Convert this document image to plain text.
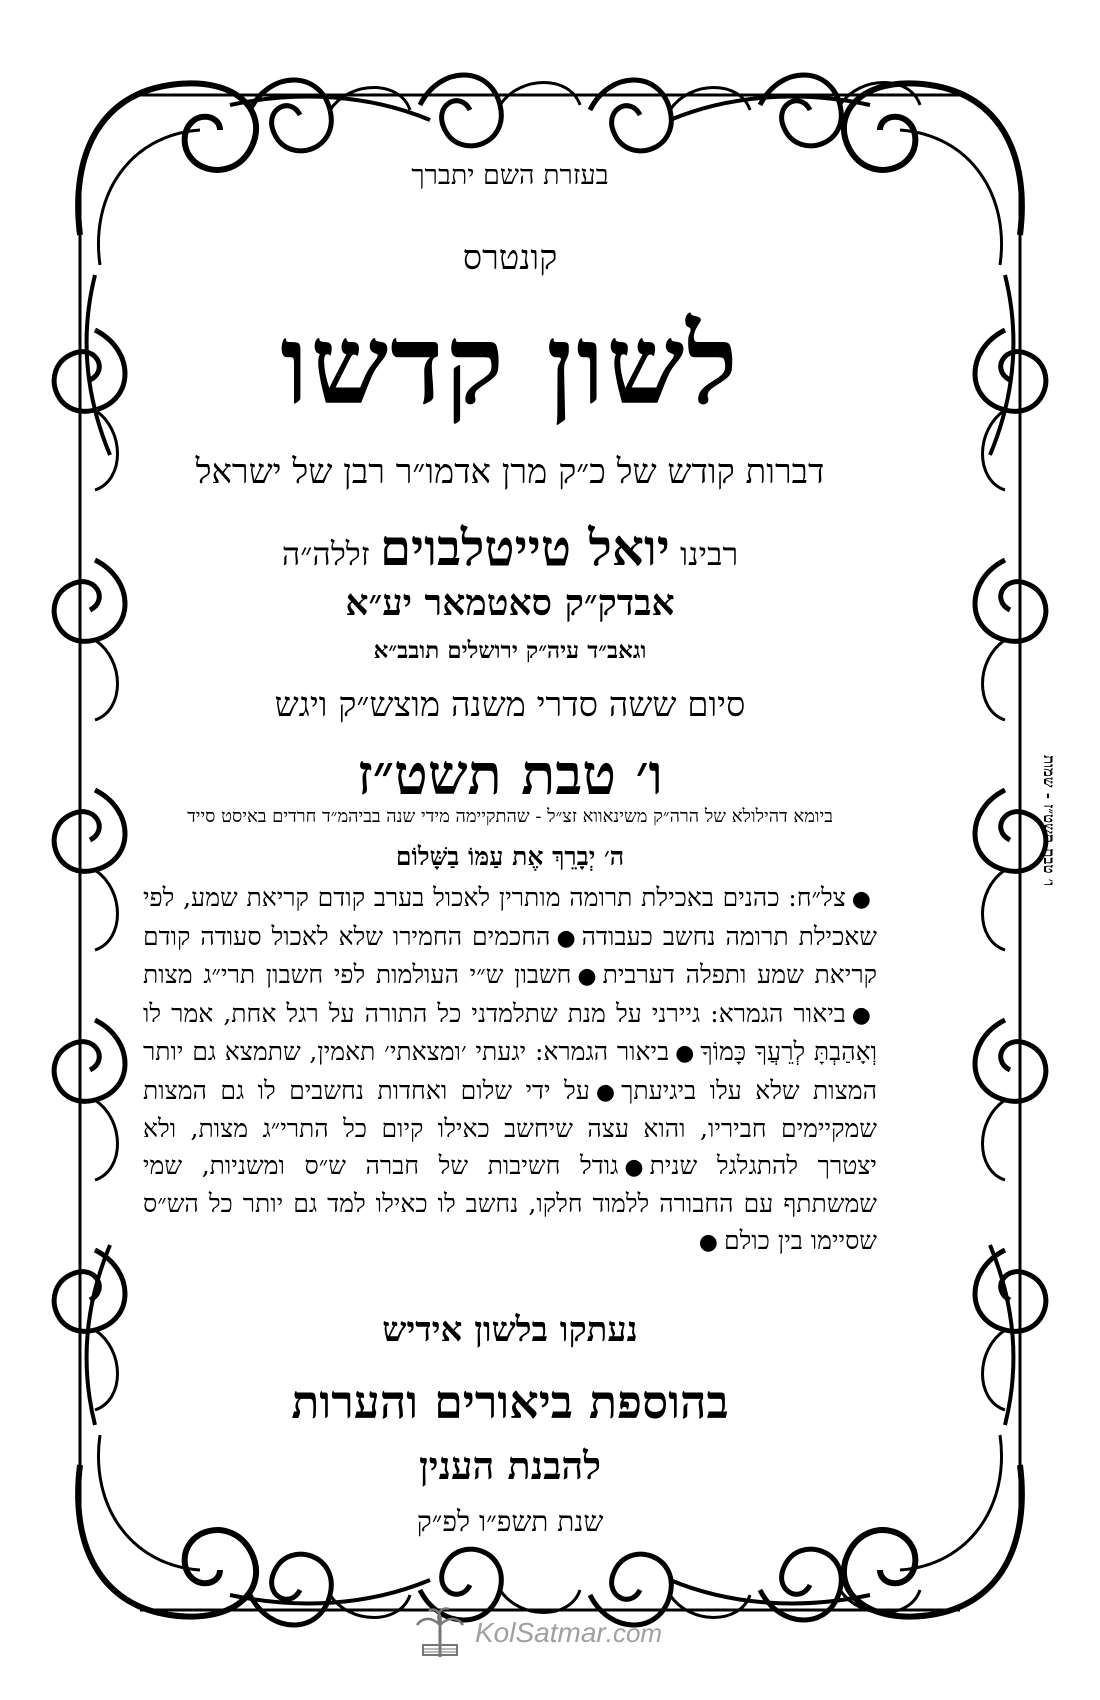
בעזרת השם יתברך
קונטרס
לשון קדשו
דברות קודש של כ״ק מרן אדמו״ר רבן של ישראל
רבינו יואל טייטלבוים זללה״ה
אבדק״ק סאטמאר יע״א
וגאב״ד עיה״ק ירושלים תובב״א
סיום ששה סדרי משנה מוצש״ק ויגש
ו׳ טבת תשט״ז
ביומא דהילולא של הרה״ק משינאווא זצ״ל - שהתקיימה מידי שנה בביהמ״ד חרדים באיסט סייד
ה׳ יְבָרֵךְ אֶת עַמּוֹ בַשָּׁלוֹם
●צל״ח: כהנים באכילת תרומה מותרין לאכול בערב קודם קריאת שמע, לפי שאכילת תרומה נחשב כעבודה●החכמים החמירו שלא לאכול סעודה קודם קריאת שמע ותפלה דערבית●חשבון ש״י העולמות לפי חשבון תרי״ג מצות●ביאור הגמרא: גיירני על מנת שתלמדני כל התורה על רגל אחת, אמר לו וְאָהַבְתָּ לְרֵעֲךָ כָּמוֹךָ●ביאור הגמרא: יגעתי ׳ומצאתי׳ תאמין, שתמצא גם יותר המצות שלא עלו ביגיעתך●על ידי שלום ואחדות נחשבים לו גם המצות שמקיימים חביריו, והוא עצה שיחשב כאילו קיום כל התרי״ג מצות, ולא יצטרך להתגלגל שנית●גודל חשיבות של חברה ש״ס ומשניות, שמי שמשתתף עם החבורה ללמוד חלקו, נחשב לו כאילו למד גם יותר כל הש״ס שסיימו בין כולם●
נעתקו בלשון אידיש
בהוספת ביאורים והערות
להבנת הענין
שנת תשפ״ו לפ״ק
ו׳ טבת תשט״ז - שמות
KolSatmar.com
